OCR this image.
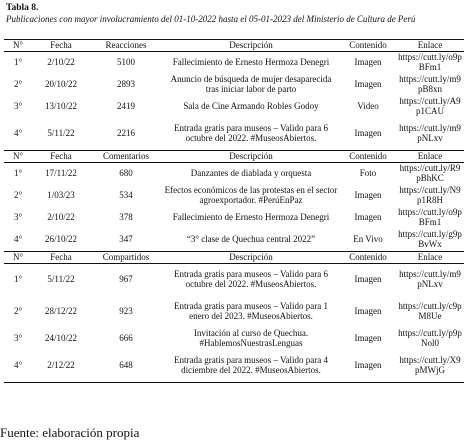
Tabla 8.
Publicaciones con mayor involucramiento del 01-10-2022 hasta el 05-01-2023 del Ministerio de Cultura de Perú
N°	Fecha	Reacciones	Descripción	Contenido	Enlace
1°	2/10/22	5100	Fallecimiento de Ernesto Hermoza Denegri	Imagen	https://cutt.ly/o9pBFm1
2°	20/10/22	2893	Anuncio de búsqueda de mujer desaparecida tras iniciar labor de parto	Imagen	https://cutt.ly/m9pB8xn
3°	13/10/22	2419	Sala de Cine Armando Robles Godoy	Video	https://cutt.ly/A9p1CAU
4°	5/11/22	2216	Entrada gratis para museos – Valido para 6 octubre del 2022. #MuseosAbiertos.	Imagen	https://cutt.ly/m9pNLxv
N°	Fecha	Comentarios	Descripción	Contenido	Enlace
1°	17/11/22	680	Danzantes de diablada y orquesta	Foto	https://cutt.ly/R9pBhKC
2°	1/03/23	534	Efectos económicos de las protestas en el sector agroexportador. #PerúEnPaz	Imagen	https://cutt.ly/N9p1R8H
3°	2/10/22	378	Fallecimiento de Ernesto Hermoza Denegri	Imagen	https://cutt.ly/o9pBFm1
4°	26/10/22	347	“3° clase de Quechua central 2022”	En Vivo	https://cutt.ly/g9pBvWx
N°	Fecha	Compartidos	Descripción	Contenido	Enlace
1°	5/11/22	967	Entrada gratis para museos – Valido para 6 octubre del 2022. #MuseosAbiertos.	Imagen	https://cutt.ly/m9pNLxv
2°	28/12/22	923	Entrada gratis para museos – Valido para 1 enero del 2023. #MuseosAbiertos.	Imagen	https://cutt.ly/c9pM8Ue
3°	24/10/22	666	Invitación al curso de Quechua. #HablemosNuestrasLenguas	Imagen	https://cutt.ly/p9pNol0
4°	2/12/22	648	Entrada gratis para museos – Valido para 4 diciembre del 2022. #MuseosAbiertos.	Imagen	https://cutt.ly/X9pMWjG
Fuente: elaboración propia
